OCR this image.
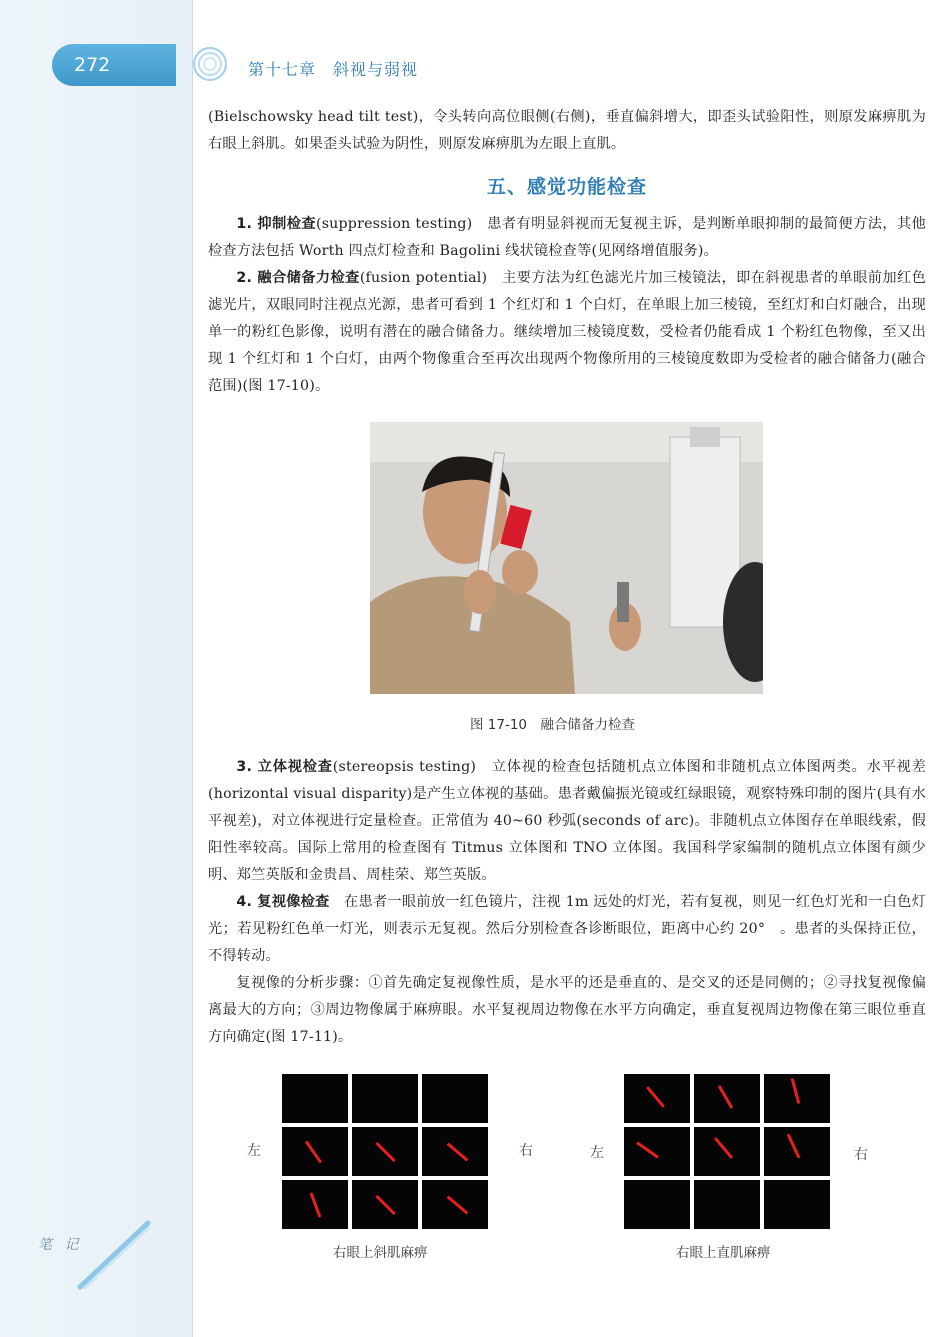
272
笔 记
第十七章　斜视与弱视

(Bielschowsky head tilt test)，令头转向高位眼侧(右侧)，垂直偏斜增大，即歪头试验阳性，则原发麻痹肌为右眼上斜肌。如果歪头试验为阴性，则原发麻痹肌为左眼上直肌。

五、感觉功能检查

1. 抑制检查(suppression testing)　患者有明显斜视而无复视主诉，是判断单眼抑制的最简便方法，其他检查方法包括 Worth 四点灯检查和 Bagolini 线状镜检查等(见网络增值服务)。

2. 融合储备力检查(fusion potential)　主要方法为红色滤光片加三棱镜法，即在斜视患者的单眼前加红色滤光片，双眼同时注视点光源，患者可看到 1 个红灯和 1 个白灯，在单眼上加三棱镜，至红灯和白灯融合，出现单一的粉红色影像，说明有潜在的融合储备力。继续增加三棱镜度数，受检者仍能看成 1 个粉红色物像，至又出现 1 个红灯和 1 个白灯，由两个物像重合至再次出现两个物像所用的三棱镜度数即为受检者的融合储备力(融合范围)(图 17-10)。

3. 立体视检查(stereopsis testing)　立体视的检查包括随机点立体图和非随机点立体图两类。水平视差(horizontal visual disparity)是产生立体视的基础。患者戴偏振光镜或红绿眼镜，观察特殊印制的图片(具有水平视差)，对立体视进行定量检查。正常值为 40~60 秒弧(seconds of arc)。非随机点立体图存在单眼线索，假阳性率较高。国际上常用的检查图有 Titmus 立体图和 TNO 立体图。我国科学家编制的随机点立体图有颜少明、郑竺英版和金贵昌、周桂荣、郑竺英版。

4. 复视像检查　在患者一眼前放一红色镜片，注视 1m 远处的灯光，若有复视，则见一红色灯光和一白色灯光；若见粉红色单一灯光，则表示无复视。然后分别检查各诊断眼位，距离中心约 20°　。患者的头保持正位，不得转动。

复视像的分析步骤：①首先确定复视像性质，是水平的还是垂直的、是交叉的还是同侧的；②寻找复视像偏离最大的方向；③周边物像属于麻痹眼。水平复视周边物像在水平方向确定，垂直复视周边物像在第三眼位垂直方向确定(图 17-11)。

图 17-10　融合储备力检查
左	右
右眼上斜肌麻痹
左	右
右眼上直肌麻痹
